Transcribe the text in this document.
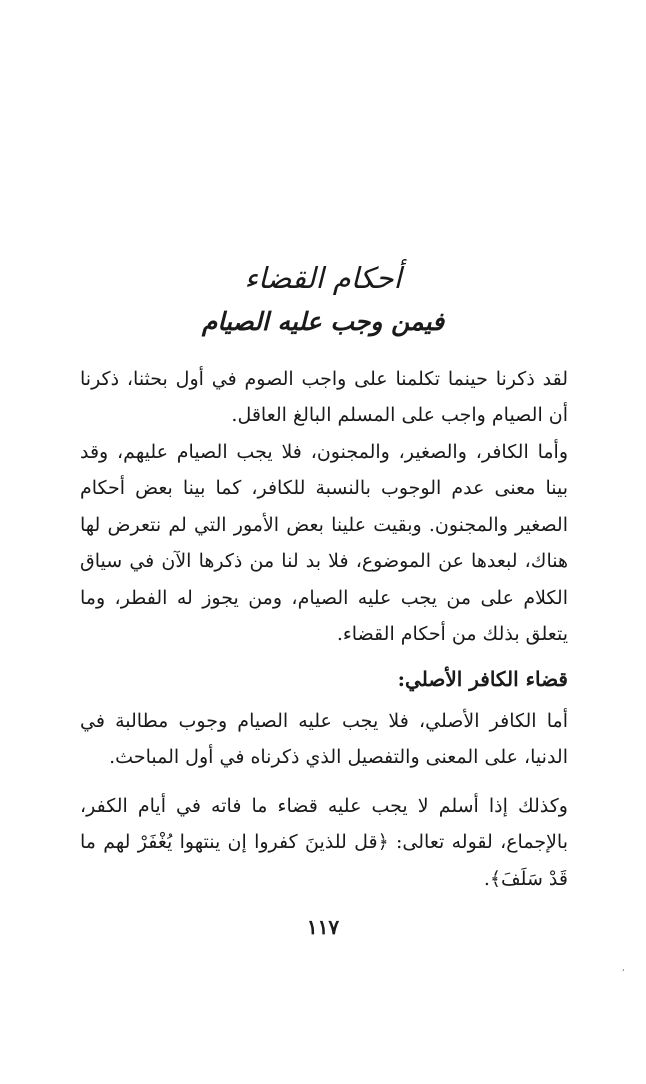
أحكام القضاء
فيمن وجب عليه الصيام

لقد ذكرنا حينما تكلمنا على واجب الصوم في أول بحثنا، ذكرنا أن الصيام واجب على المسلم البالغ العاقل.

وأما الكافر، والصغير، والمجنون، فلا يجب الصيام عليهم، وقد بينا معنى عدم الوجوب بالنسبة للكافر، كما بينا بعض أحكام الصغير والمجنون. وبقيت علينا بعض الأمور التي لم نتعرض لها هناك، لبعدها عن الموضوع، فلا بد لنا من ذكرها الآن في سياق الكلام على من يجب عليه الصيام، ومن يجوز له الفطر، وما يتعلق بذلك من أحكام القضاء.

قضاء الكافر الأصلي:

أما الكافر الأصلي، فلا يجب عليه الصيام وجوب مطالبة في الدنيا، على المعنى والتفصيل الذي ذكرناه في أول المباحث.

وكذلك إذا أسلم لا يجب عليه قضاء ما فاته في أيام الكفر، بالإجماع، لقوله تعالى: ﴿قل للذينَ كفروا إن ينتهوا يُغْفَرْ لهم ما قَدْ سَلَفَ﴾.

١١٧
‚
